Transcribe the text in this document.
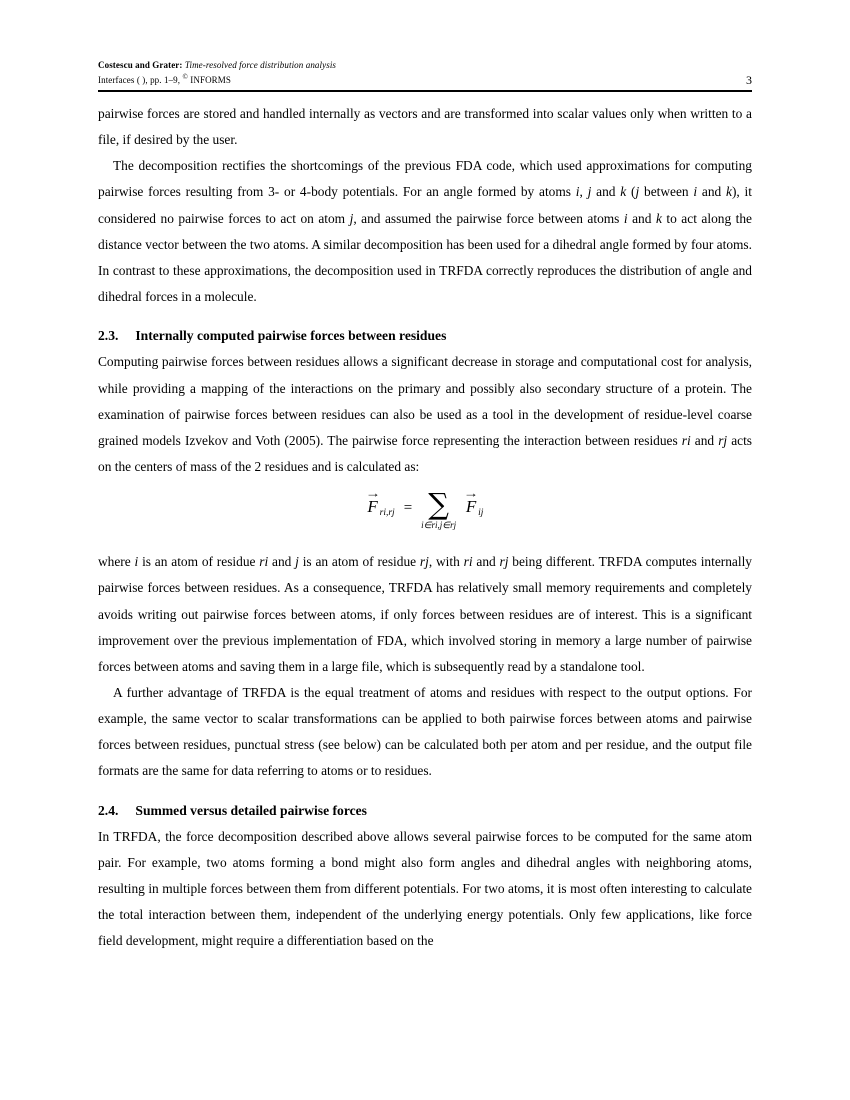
Costescu and Grater: Time-resolved force distribution analysis
Interfaces ( ), pp. 1–9, © INFORMS	3

pairwise forces are stored and handled internally as vectors and are transformed into scalar values only when written to a file, if desired by the user.

The decomposition rectifies the shortcomings of the previous FDA code, which used approximations for computing pairwise forces resulting from 3- or 4-body potentials. For an angle formed by atoms i, j and k (j between i and k), it considered no pairwise forces to act on atom j, and assumed the pairwise force between atoms i and k to act along the distance vector between the two atoms. A similar decomposition has been used for a dihedral angle formed by four atoms. In contrast to these approximations, the decomposition used in TRFDA correctly reproduces the distribution of angle and dihedral forces in a molecule.

2.3. Internally computed pairwise forces between residues

Computing pairwise forces between residues allows a significant decrease in storage and computational cost for analysis, while providing a mapping of the interactions on the primary and possibly also secondary structure of a protein. The examination of pairwise forces between residues can also be used as a tool in the development of residue-level coarse grained models Izvekov and Voth (2005). The pairwise force representing the interaction between residues ri and rj acts on the centers of mass of the 2 residues and is calculated as:

→
F ri,rj = ∑
i∈ri,j∈rj
→
F ij

where i is an atom of residue ri and j is an atom of residue rj, with ri and rj being different. TRFDA computes internally pairwise forces between residues. As a consequence, TRFDA has relatively small memory requirements and completely avoids writing out pairwise forces between atoms, if only forces between residues are of interest. This is a significant improvement over the previous implementation of FDA, which involved storing in memory a large number of pairwise forces between atoms and saving them in a large file, which is subsequently read by a standalone tool.

A further advantage of TRFDA is the equal treatment of atoms and residues with respect to the output options. For example, the same vector to scalar transformations can be applied to both pairwise forces between atoms and pairwise forces between residues, punctual stress (see below) can be calculated both per atom and per residue, and the output file formats are the same for data referring to atoms or to residues.

2.4. Summed versus detailed pairwise forces

In TRFDA, the force decomposition described above allows several pairwise forces to be computed for the same atom pair. For example, two atoms forming a bond might also form angles and dihedral angles with neighboring atoms, resulting in multiple forces between them from different potentials. For two atoms, it is most often interesting to calculate the total interaction between them, independent of the underlying energy potentials. Only few applications, like force field development, might require a differentiation based on the
